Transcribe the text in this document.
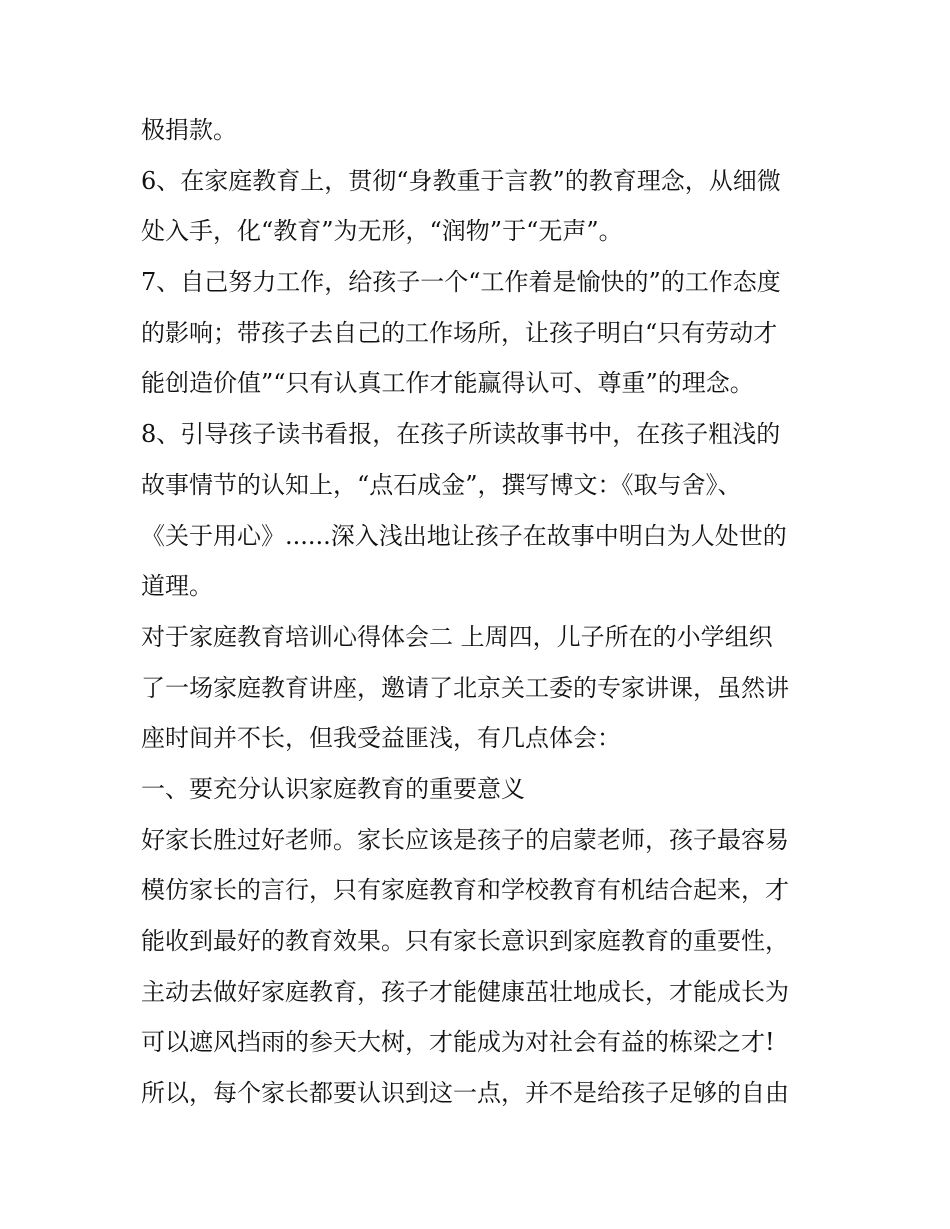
极捐款。
6、在家庭教育上，贯彻“身教重于言教”的教育理念，从细微
处入手，化“教育”为无形，“润物”于“无声”。
7、自己努力工作，给孩子一个“工作着是愉快的”的工作态度
的影响；带孩子去自己的工作场所，让孩子明白“只有劳动才
能创造价值”“只有认真工作才能赢得认可、尊重”的理念。
8、引导孩子读书看报，在孩子所读故事书中，在孩子粗浅的
故事情节的认知上，“点石成金”，撰写博文：《取与舍》、
《关于用心》......深入浅出地让孩子在故事中明白为人处世的
道理。
对于家庭教育培训心得体会二 上周四，儿子所在的小学组织
了一场家庭教育讲座，邀请了北京关工委的专家讲课，虽然讲
座时间并不长，但我受益匪浅，有几点体会：
一、要充分认识家庭教育的重要意义
好家长胜过好老师。家长应该是孩子的启蒙老师，孩子最容易
模仿家长的言行，只有家庭教育和学校教育有机结合起来，才
能收到最好的教育效果。只有家长意识到家庭教育的重要性，
主动去做好家庭教育，孩子才能健康茁壮地成长，才能成长为
可以遮风挡雨的参天大树，才能成为对社会有益的栋梁之才!
所以，每个家长都要认识到这一点，并不是给孩子足够的自由
